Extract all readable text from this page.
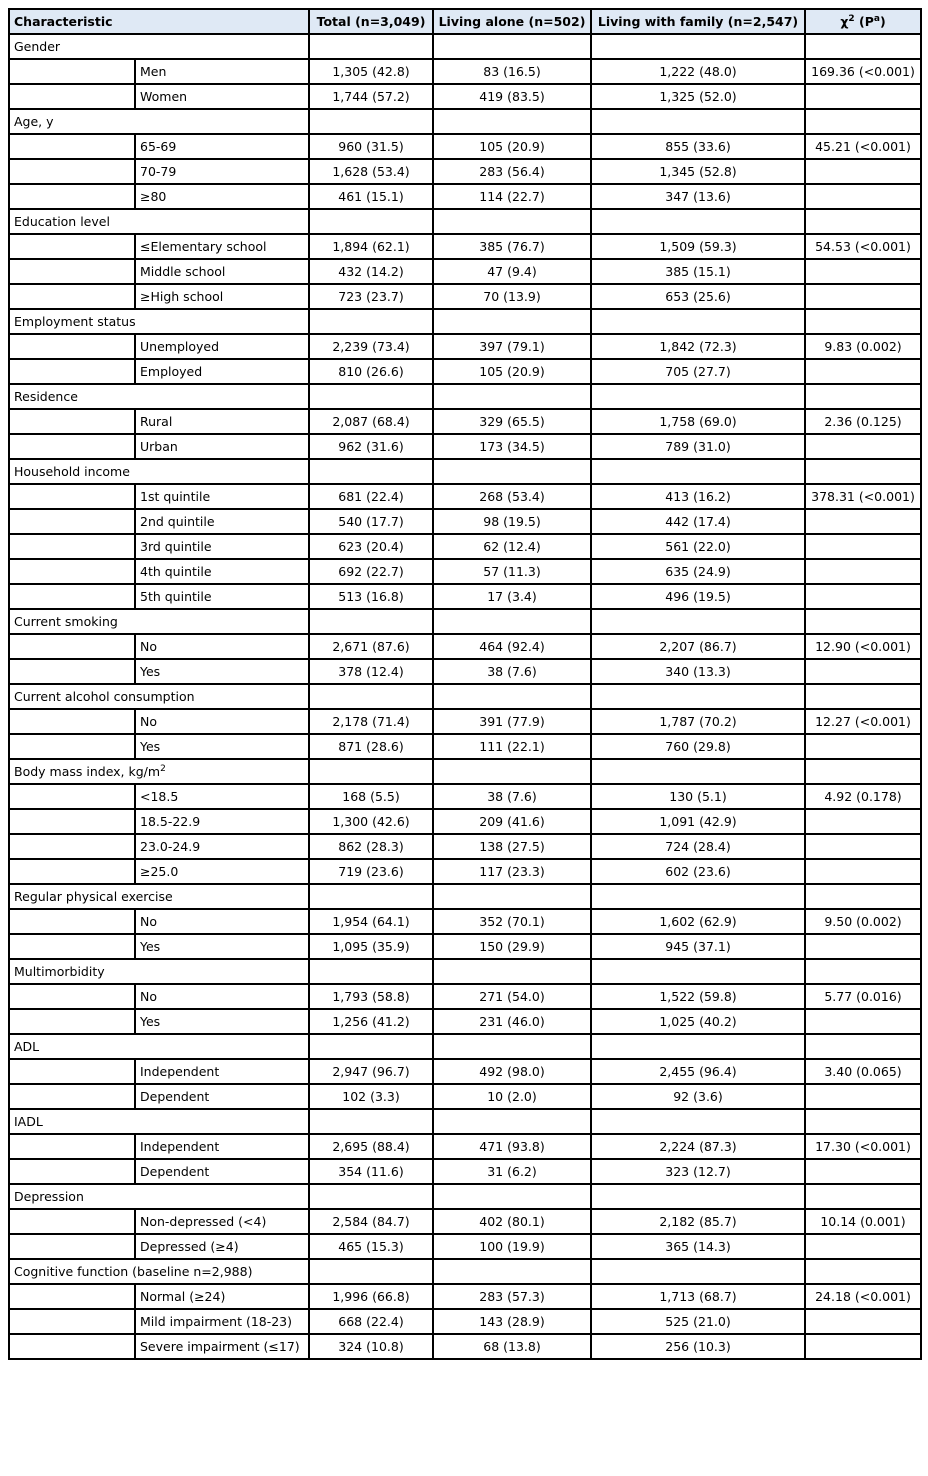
Characteristic		Total (n=3,049)	Living alone (n=502)	Living with family (n=2,547)	$\chi^2$ $(P^a)$
Gender					
	Men	1,305 (42.8)	83 (16.5)	1,222 (48.0)	169.36 (<0.001)
	Women	1,744 (57.2)	419 (83.5)	1,325 (52.0)	
Age, y					
	65-69	960 (31.5)	105 (20.9)	855 (33.6)	45.21 (<0.001)
	70-79	1,628 (53.4)	283 (56.4)	1,345 (52.8)	
	≥80	461 (15.1)	114 (22.7)	347 (13.6)	
Education level					
	≤Elementary school	1,894 (62.1)	385 (76.7)	1,509 (59.3)	54.53 (<0.001)
	Middle school	432 (14.2)	47 (9.4)	385 (15.1)	
	≥High school	723 (23.7)	70 (13.9)	653 (25.6)	
Employment status					
	Unemployed	2,239 (73.4)	397 (79.1)	1,842 (72.3)	9.83 (0.002)
	Employed	810 (26.6)	105 (20.9)	705 (27.7)	
Residence					
	Rural	2,087 (68.4)	329 (65.5)	1,758 (69.0)	2.36 (0.125)
	Urban	962 (31.6)	173 (34.5)	789 (31.0)	
Household income					
	1st quintile	681 (22.4)	268 (53.4)	413 (16.2)	378.31 (<0.001)
	2nd quintile	540 (17.7)	98 (19.5)	442 (17.4)	
	3rd quintile	623 (20.4)	62 (12.4)	561 (22.0)	
	4th quintile	692 (22.7)	57 (11.3)	635 (24.9)	
	5th quintile	513 (16.8)	17 (3.4)	496 (19.5)	
Current smoking					
	No	2,671 (87.6)	464 (92.4)	2,207 (86.7)	12.90 (<0.001)
	Yes	378 (12.4)	38 (7.6)	340 (13.3)	
Current alcohol consumption					
	No	2,178 (71.4)	391 (77.9)	1,787 (70.2)	12.27 (<0.001)
	Yes	871 (28.6)	111 (22.1)	760 (29.8)	
Body mass index, $kg/m^2$				
	<18.5	168 (5.5)	38 (7.6)	130 (5.1)	4.92 (0.178)
	18.5-22.9	1,300 (42.6)	209 (41.6)	1,091 (42.9)	
	23.0-24.9	862 (28.3)	138 (27.5)	724 (28.4)	
	≥25.0	719 (23.6)	117 (23.3)	602 (23.6)	
Regular physical exercise					
	No	1,954 (64.1)	352 (70.1)	1,602 (62.9)	9.50 (0.002)
	Yes	1,095 (35.9)	150 (29.9)	945 (37.1)	
Multimorbidity					
	No	1,793 (58.8)	271 (54.0)	1,522 (59.8)	5.77 (0.016)
	Yes	1,256 (41.2)	231 (46.0)	1,025 (40.2)	
ADL					
	Independent	2,947 (96.7)	492 (98.0)	2,455 (96.4)	3.40 (0.065)
	Dependent	102 (3.3)	10 (2.0)	92 (3.6)	
IADL					
	Independent	2,695 (88.4)	471 (93.8)	2,224 (87.3)	17.30 (<0.001)
	Dependent	354 (11.6)	31 (6.2)	323 (12.7)	
Depression					
	Non-depressed (<4)	2,584 (84.7)	402 (80.1)	2,182 (85.7)	10.14 (0.001)
	Depressed (≥4)	465 (15.3)	100 (19.9)	365 (14.3)	
Cognitive function (baseline n=2,988)					
	Normal (≥24)	1,996 (66.8)	283 (57.3)	1,713 (68.7)	24.18 (<0.001)
	Mild impairment (18-23)	668 (22.4)	143 (28.9)	525 (21.0)	
	Severe impairment (≤17)	324 (10.8)	68 (13.8)	256 (10.3)	
